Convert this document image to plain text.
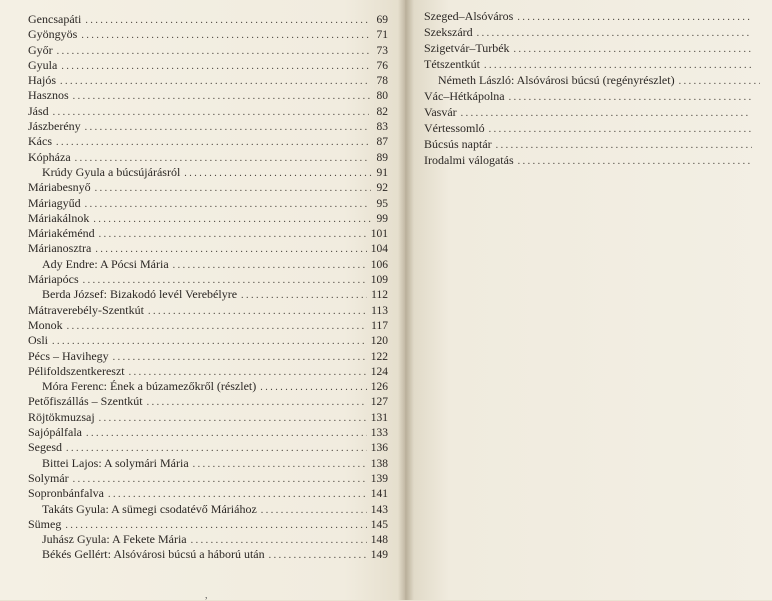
Gencsapáti . . .	69
Gyöngyös . . .	71
Győr . . .	73
Gyula . . .	76
Hajós . . .	78
Hasznos . . .	80
Jásd . . .	82
Jászberény . . .	83
Kács . . .	87
Kópháza . . .	89
Krúdy Gyula a búcsújárásról . . .	91
Máriabesnyő . . .	92
Máriagyűd . . .	95
Máriakálnok . . .	99
Máriakéménd . . .	101
Márianosztra . . .	104
Ady Endre: A Pócsi Mária . . .	106
Máriapócs . . .	109
Berda József: Bizakodó levél Verebélyre . . .	112
Mátraverebély-Szentkút . . .	113
Monok . . .	117
Osli . . .	120
Pécs – Havihegy . . .	122
Pélifoldszentkereszt . . .	124
Móra Ferenc: Ének a búzamezőkről (részlet) . . .	126
Petőfiszállás – Szentkút . . .	127
Röjtökmuzsaj . . .	131
Sajópálfala . . .	133
Segesd . . .	136
Bittei Lajos: A solymári Mária . . .	138
Solymár . . .	139
Sopronbánfalva . . .	141
Takáts Gyula: A sümegi csodatévő Máriához . . .	143
Sümeg . . .	145
Juhász Gyula: A Fekete Mária . . .	148
Békés Gellért: Alsóvárosi búcsú a háború után . . .	149
,
Szeged–Alsóváros
. . .
Szekszárd
. . .
Szigetvár–Turbék
. . .
Tétszentkút
. . .
Németh László: Alsóvárosi búcsú (regényrészlet)
. . .
Vác–Hétkápolna
. . .
Vasvár
. . .
Vértessomló
. . .
Búcsús naptár
. . .
Irodalmi válogatás
. . .
